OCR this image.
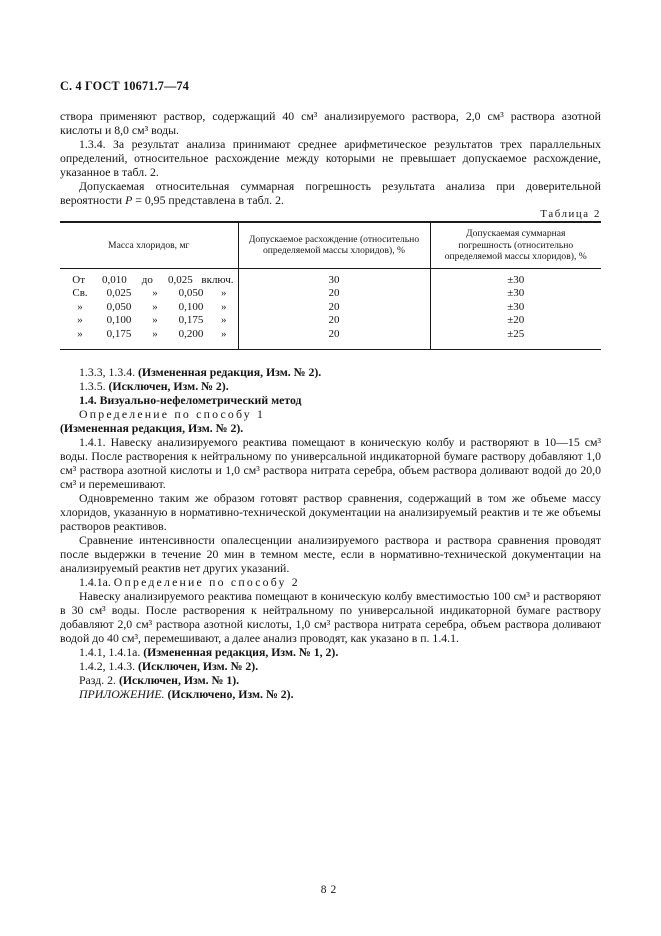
С. 4 ГОСТ 10671.7—74

створа применяют раствор, содержащий 40 см³ анализируемого раствора, 2,0 см³ раствора азотной кислоты и 8,0 см³ воды.

1.3.4. За результат анализа принимают среднее арифметическое результатов трех параллельных определений, относительное расхождение между которыми не превышает допускаемое расхождение, указанное в табл. 2.

Допускаемая относительная суммарная погрешность результата анализа при доверительной вероятности Р = 0,95 представлена в табл. 2.

Таблица 2

Масса хлоридов, мг	Допускаемое расхождение (относительно определяемой массы хлоридов), %	Допускаемая суммарная погрешность (относительно определяемой массы хлоридов), %

От 0,010 до 0,025 включ.	30	±30

Св. 0,025 » 0,050 »	20	±30

» 0,050 » 0,100 »	20	±30

» 0,100 » 0,175 »	20	±20

» 0,175 » 0,200 »	20	±25

1.3.3, 1.3.4. (Измененная редакция, Изм. № 2).

1.3.5. (Исключен, Изм. № 2).

1.4. Визуально-нефелометрический метод

Определение по способу 1

(Измененная редакция, Изм. № 2).

1.4.1. Навеску анализируемого реактива помещают в коническую колбу и растворяют в 10—15 см³ воды. После растворения к нейтральному по универсальной индикаторной бумаге раствору добавляют 1,0 см³ раствора азотной кислоты и 1,0 см³ раствора нитрата серебра, объем раствора доливают водой до 20,0 см³ и перемешивают.

Одновременно таким же образом готовят раствор сравнения, содержащий в том же объеме массу хлоридов, указанную в нормативно-технической документации на анализируемый реактив и те же объемы растворов реактивов.

Сравнение интенсивности опалесценции анализируемого раствора и раствора сравнения проводят после выдержки в течение 20 мин в темном месте, если в нормативно-технической документации на анализируемый реактив нет других указаний.

1.4.1а. Определение по способу 2

Навеску анализируемого реактива помещают в коническую колбу вместимостью 100 см³ и растворяют в 30 см³ воды. После растворения к нейтральному по универсальной индикаторной бумаге раствору добавляют 2,0 см³ раствора азотной кислоты, 1,0 см³ раствора нитрата серебра, объем раствора доливают водой до 40 см³, перемешивают, а далее анализ проводят, как указано в п. 1.4.1.

1.4.1, 1.4.1а. (Измененная редакция, Изм. № 1, 2).

1.4.2, 1.4.3. (Исключен, Изм. № 2).

Разд. 2. (Исключен, Изм. № 1).

ПРИЛОЖЕНИЕ. (Исключено, Изм. № 2).

82
